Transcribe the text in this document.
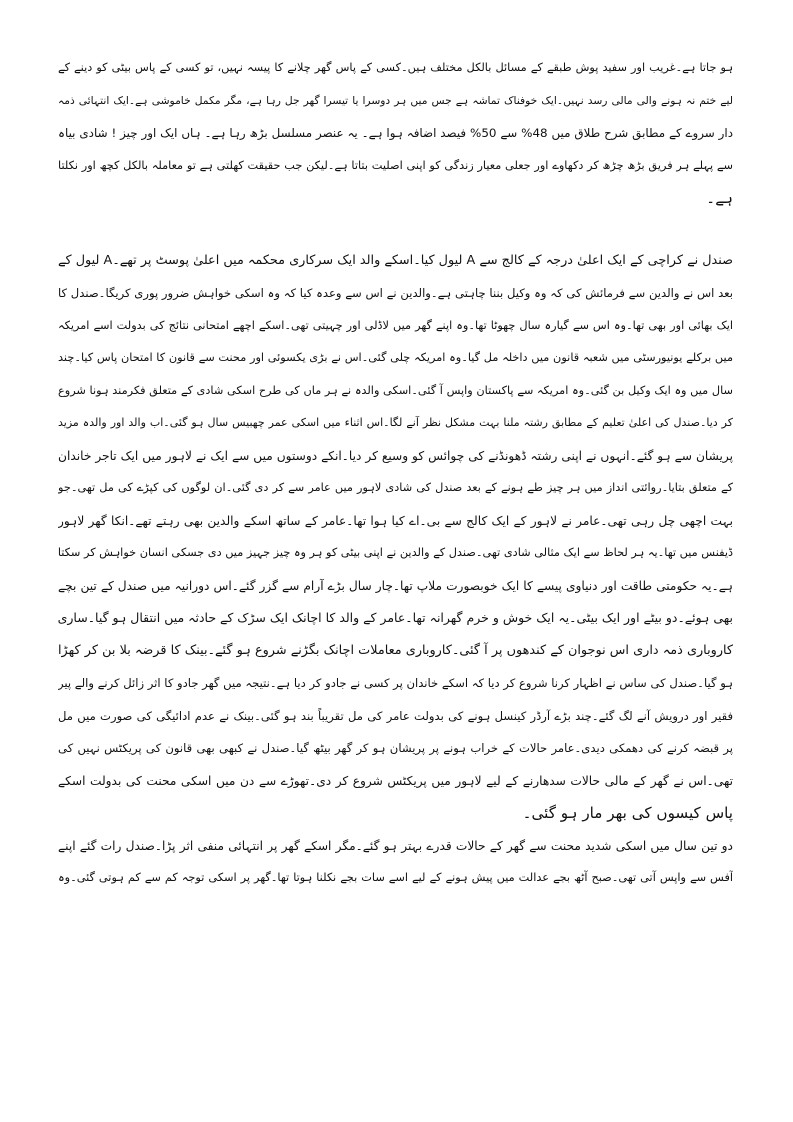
ہو جاتا ہے۔غریب اور سفید پوش طبقے کے مسائل بالکل مختلف ہیں۔کسی کے پاس گھر چلانے کا پیسہ نہیں، تو کسی کے پاس بیٹی کو دینے کے
لیے ختم نہ ہونے والی مالی رسد نہیں۔ایک خوفناک تماشہ ہے جس میں ہر دوسرا یا تیسرا گھر جل رہا ہے، مگر مکمل خاموشی ہے۔ایک انتہائی ذمہ
دار سروے کے مطابق شرح طلاق میں 48% سے 50% فیصد اضافہ ہوا ہے۔ یہ عنصر مسلسل بڑھ رہا ہے۔ ہاں ایک اور چیز ! شادی بیاہ
سے پہلے ہر فریق بڑھ چڑھ کر دکھاوے اور جعلی معیار زندگی کو اپنی اصلیت بتاتا ہے۔لیکن جب حقیقت کھلتی ہے تو معاملہ بالکل کچھ اور نکلتا
ہے۔
صندل نے کراچی کے ایک اعلیٰ درجہ کے کالج سے A لیول کیا۔اسکے والد ایک سرکاری محکمہ میں اعلیٰ پوسٹ پر تھے۔A لیول کے
بعد اس نے والدین سے فرمائش کی کہ وہ وکیل بننا چاہتی ہے۔والدین نے اس سے وعدہ کیا کہ وہ اسکی خواہش ضرور پوری کریگا۔صندل کا
ایک بھائی اور بھی تھا۔وہ اس سے گیارہ سال چھوٹا تھا۔وہ اپنے گھر میں لاڈلی اور چہیتی تھی۔اسکے اچھے امتحانی نتائج کی بدولت اسے امریکہ
میں برکلے یونیورسٹی میں شعبہ قانون میں داخلہ مل گیا۔وہ امریکہ چلی گئی۔اس نے بڑی یکسوئی اور محنت سے قانون کا امتحان پاس کیا۔چند
سال میں وہ ایک وکیل بن گئی۔وہ امریکہ سے پاکستان واپس آ گئی۔اسکی والدہ نے ہر ماں کی طرح اسکی شادی کے متعلق فکرمند ہونا شروع
کر دیا۔صندل کی اعلیٰ تعلیم کے مطابق رشتہ ملنا بہت مشکل نظر آنے لگا۔اس اثناء میں اسکی عمر چھبیس سال ہو گئی۔اب والد اور والدہ مزید
پریشان سے ہو گئے۔انہوں نے اپنی رشتہ ڈھونڈنے کی چوائس کو وسیع کر دیا۔انکے دوستوں میں سے ایک نے لاہور میں ایک تاجر خاندان
کے متعلق بتایا۔روائتی انداز میں ہر چیز طے ہونے کے بعد صندل کی شادی لاہور میں عامر سے کر دی گئی۔ان لوگوں کی کپڑے کی مل تھی۔جو
بہت اچھی چل رہی تھی۔عامر نے لاہور کے ایک کالج سے بی۔اے کیا ہوا تھا۔عامر کے ساتھ اسکے والدین بھی رہتے تھے۔انکا گھر لاہور
ڈیفنس میں تھا۔یہ ہر لحاظ سے ایک مثالی شادی تھی۔صندل کے والدین نے اپنی بیٹی کو ہر وہ چیز جہیز میں دی جسکی انسان خواہش کر سکتا
ہے۔یہ حکومتی طاقت اور دنیاوی پیسے کا ایک خوبصورت ملاپ تھا۔چار سال بڑے آرام سے گزر گئے۔اس دورانیہ میں صندل کے تین بچے
بھی ہوئے۔دو بیٹے اور ایک بیٹی۔یہ ایک خوش و خرم گھرانہ تھا۔عامر کے والد کا اچانک ایک سڑک کے حادثہ میں انتقال ہو گیا۔ساری
کاروباری ذمہ داری اس نوجوان کے کندھوں پر آ گئی۔کاروباری معاملات اچانک بگڑنے شروع ہو گئے۔بینک کا قرضہ بلا بن کر کھڑا
ہو گیا۔صندل کی ساس نے اظہار کرنا شروع کر دیا کہ اسکے خاندان پر کسی نے جادو کر دیا ہے۔نتیجہ میں گھر جادو کا اثر زائل کرنے والے پیر
فقیر اور درویش آنے لگ گئے۔چند بڑے آرڈر کینسل ہونے کی بدولت عامر کی مل تقریباً بند ہو گئی۔بینک نے عدم ادائیگی کی صورت میں مل
پر قبضہ کرنے کی دھمکی دیدی۔عامر حالات کے خراب ہونے پر پریشان ہو کر گھر بیٹھ گیا۔صندل نے کبھی بھی قانون کی پریکٹس نہیں کی
تھی۔اس نے گھر کے مالی حالات سدھارنے کے لیے لاہور میں پریکٹس شروع کر دی۔تھوڑے سے دن میں اسکی محنت کی بدولت اسکے
پاس کیسوں کی بھر مار ہو گئی۔
دو تین سال میں اسکی شدید محنت سے گھر کے حالات قدرے بہتر ہو گئے۔مگر اسکے گھر پر انتہائی منفی اثر پڑا۔صندل رات گئے اپنے
آفس سے واپس آتی تھی۔صبح آٹھ بجے عدالت میں پیش ہونے کے لیے اسے سات بجے نکلنا ہوتا تھا۔گھر پر اسکی توجہ کم سے کم ہوتی گئی۔وہ
